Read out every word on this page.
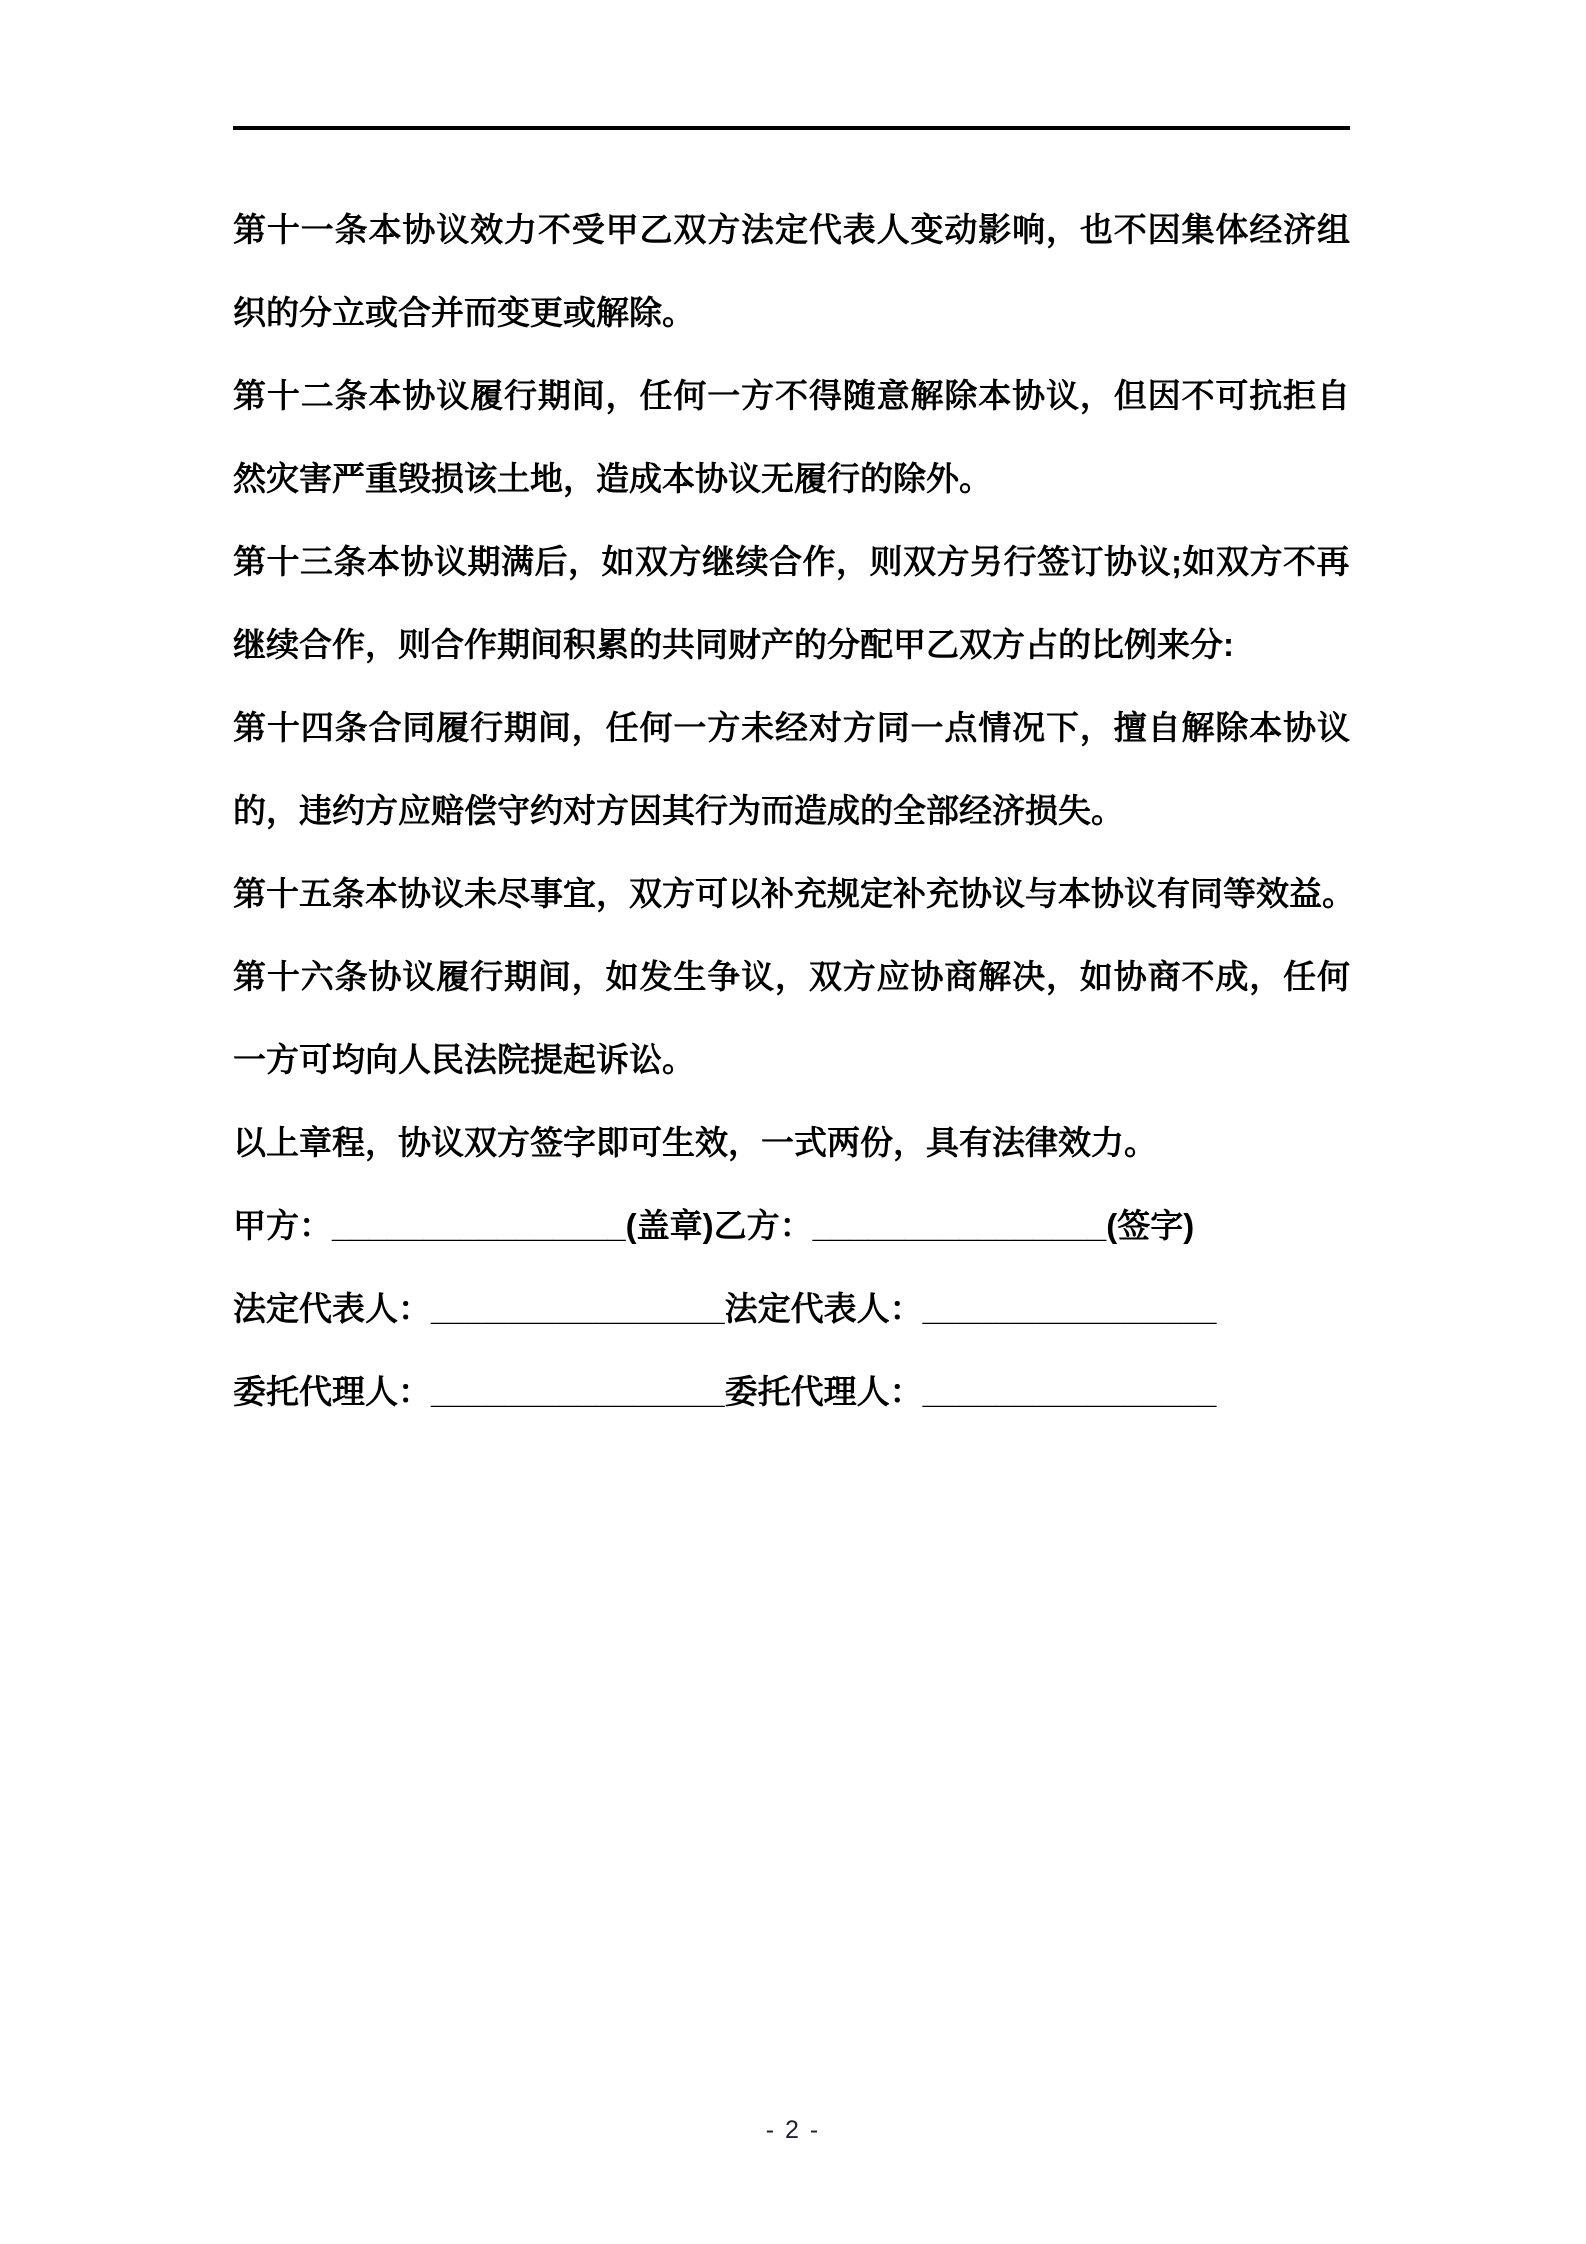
第 十 一 条 本 协 议 效 力 不 受 甲 乙 双 方 法 定 代 表 人 变 动 影 响 ， 也 不 因 集 体 经 济 组
织的分立或合并而变更或解除。
第 十 二 条 本 协 议 履 行 期 间 ， 任 何 一 方 不 得 随 意 解 除 本 协 议 ， 但 因 不 可 抗 拒 自
然灾害严重毁损该土地，造成本协议无履行的除外。
第 十 三 条 本 协 议 期 满 后 ， 如 双 方 继 续 合 作 ， 则 双 方 另 行 签 订 协 议 ; 如 双 方 不 再
继续合作，则合作期间积累的共同财产的分配甲乙双方占的比例来分:
第 十 四 条 合 同 履 行 期 间 ， 任 何 一 方 未 经 对 方 同 一 点 情 况 下 ， 擅 自 解 除 本 协 议
的，违约方应赔偿守约对方因其行为而造成的全部经济损失。
第 十 五 条 本 协 议 未 尽 事 宜 ， 双 方 可 以 补 充 规 定 补 充 协 议 与 本 协 议 有 同 等 效 益 。
第 十 六 条 协 议 履 行 期 间 ， 如 发 生 争 议 ， 双 方 应 协 商 解 决 ， 如 协 商 不 成 ， 任 何
一方可均向人民法院提起诉讼。
以上章程，协议双方签字即可生效，一式两份，具有法律效力。
甲方：________________(盖章)乙方：________________(签字)
法定代表人：________________法定代表人：________________
委托代理人：________________委托代理人：________________
- 2 -
